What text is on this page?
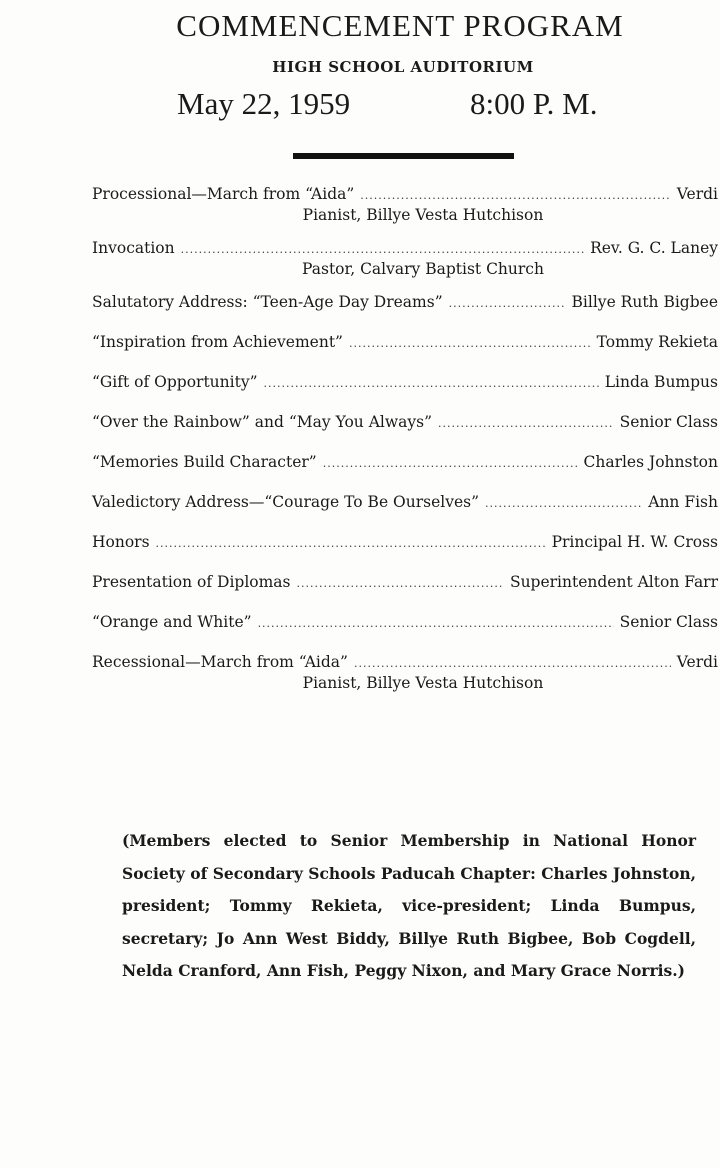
COMMENCEMENT PROGRAM
HIGH SCHOOL AUDITORIUM
May 22, 1959	8:00 P. M.
Processional—March from “Aida” .....	Verdi
Pianist, Billye Vesta Hutchison
Invocation .....	Rev. G. C. Laney
Pastor, Calvary Baptist Church
Salutatory Address: “Teen-Age Day Dreams” .....	Billye Ruth Bigbee
“Inspiration from Achievement” .....	Tommy Rekieta
“Gift of Opportunity” .....	Linda Bumpus
“Over the Rainbow” and “May You Always” .....	Senior Class
“Memories Build Character” .....	Charles Johnston
Valedictory Address—“Courage To Be Ourselves” .....	Ann Fish
Honors .....	Principal H. W. Cross
Presentation of Diplomas .....	Superintendent Alton Farr
“Orange and White” .....	Senior Class
Recessional—March from “Aida” .....	Verdi
Pianist, Billye Vesta Hutchison

(Members elected to Senior Membership in National Honor Society of Secondary Schools Paducah Chapter: Charles Johnston, president; Tommy Rekieta, vice-president; Linda Bumpus, secretary; Jo Ann West Biddy, Billye Ruth Bigbee, Bob Cogdell, Nelda Cranford, Ann Fish, Peggy Nixon, and Mary Grace Norris.)
